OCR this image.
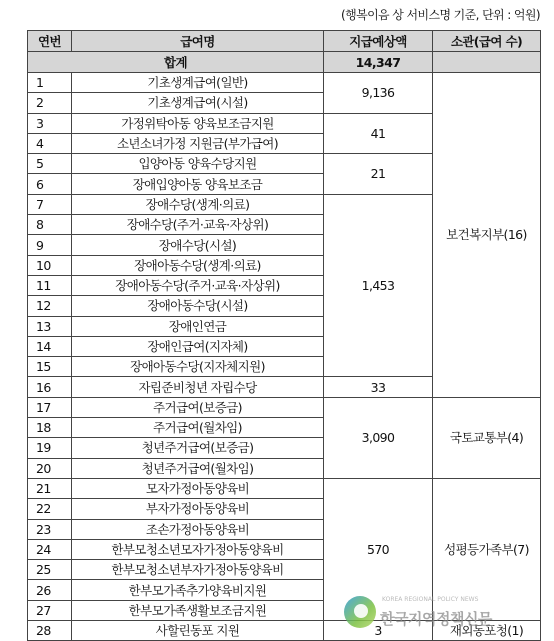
(행복이음 상 서비스명 기준, 단위 : 억원)
연번	급여명	지급예상액	소관(급여 수)
합계		14,347	
1	기초생계급여(일반)	9,136	보건복지부(16)
2	기초생계급여(시설)		
3	가정위탁아동 양육보조금지원	41	
4	소년소녀가정 지원금(부가급여)		
5	입양아동 양육수당지원	21	
6	장애입양아동 양육보조금		
7	장애수당(생계·의료)	1,453	
8	장애수당(주거·교육·자상위)		
9	장애수당(시설)		
10	장애아동수당(생계·의료)		
11	장애아동수당(주거·교육·자상위)		
12	장애아동수당(시설)		
13	장애인연금		
14	장애인급여(지자체)		
15	장애아동수당(지자체지원)		
16	자립준비청년 자립수당	33	
17	주거급여(보증금)	3,090	국토교통부(4)
18	주거급여(월차임)		
19	청년주거급여(보증금)		
20	청년주거급여(월차임)		
21	모자가정아동양육비	570	성평등가족부(7)
22	부자가정아동양육비		
23	조손가정아동양육비		
24	한부모청소년모자가정아동양육비		
25	한부모청소년부자가정아동양육비		
26	한부모가족추가양육비지원		
27	한부모가족생활보조금지원		
28	사할린동포 지원	3	재외동포청(1)
KOREA REGIONAL POLICY NEWS
한국지역정책신문
